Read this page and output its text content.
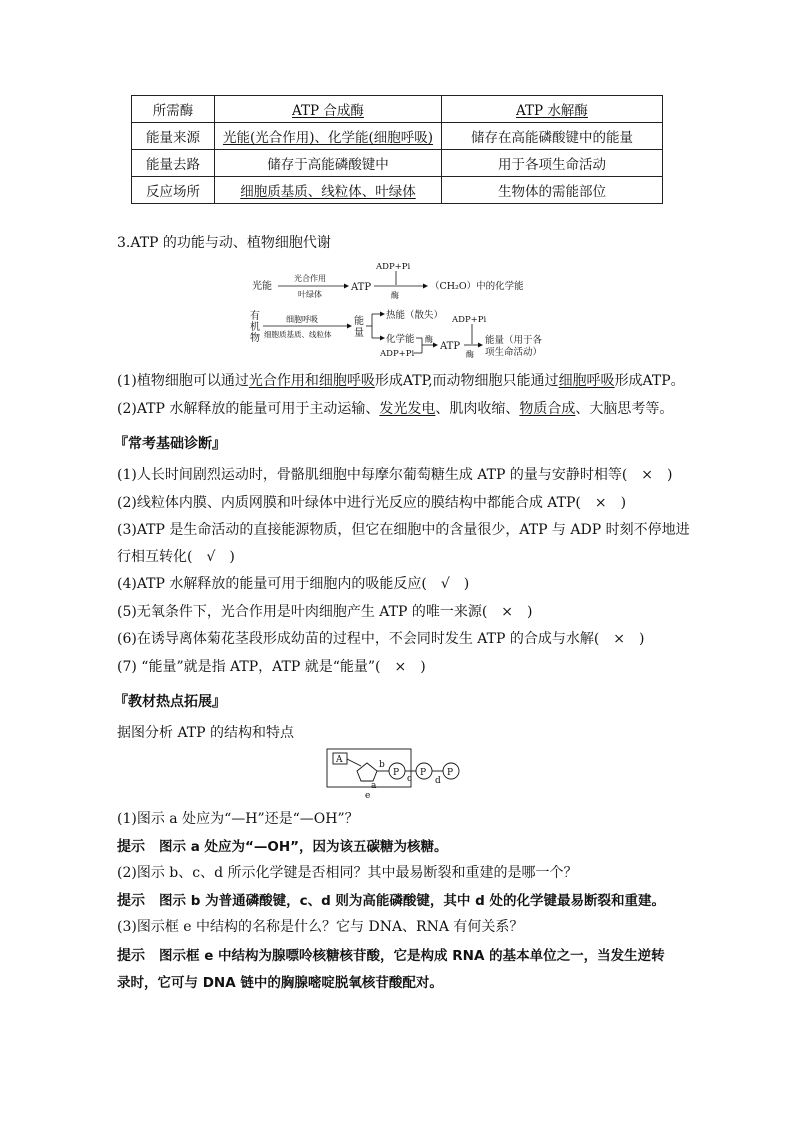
所需酶	ATP 合成酶	ATP 水解酶
能量来源	光能(光合作用)、化学能(细胞呼吸)	储存在高能磷酸键中的能量
能量去路	储存于高能磷酸键中	用于各项生命活动
反应场所	细胞质基质、线粒体、叶绿体	生物体的需能部位
3.ATP 的功能与动、植物细胞代谢
光能
光合作用
叶绿体
ATP
ADP+Pi
酶
（CH₂O）中的化学能
有
机
物
细胞呼吸
细胞质基质、线粒体
能
量
热能（散失）
化学能
ADP+Pi
酶
ATP
ADP+Pi
酶
能量（用于各
项生命活动）
(1)植物细胞可以通过光合作用和细胞呼吸形成ATP,而动物细胞只能通过细胞呼吸形成ATP。
(2)ATP 水解释放的能量可用于主动运输、发光发电、肌肉收缩、物质合成、大脑思考等。
『常考基础诊断』
(1)人长时间剧烈运动时，骨骼肌细胞中每摩尔葡萄糖生成 ATP 的量与安静时相等(　×　)
(2)线粒体内膜、内质网膜和叶绿体中进行光反应的膜结构中都能合成 ATP(　×　)
(3)ATP 是生命活动的直接能源物质，但它在细胞中的含量很少，ATP 与 ADP 时刻不停地进
行相互转化(　√　)
(4)ATP 水解释放的能量可用于细胞内的吸能反应(　√　)
(5)无氧条件下，光合作用是叶肉细胞产生 ATP 的唯一来源(　×　)
(6)在诱导离体菊花茎段形成幼苗的过程中，不会同时发生 ATP 的合成与水解(　×　)
(7) “能量”就是指 ATP，ATP 就是“能量”(　×　)
『教材热点拓展』
据图分析 ATP 的结构和特点
A
P P P
b
a
c	d
e
(1)图示 a 处应为“—H”还是“—OH”？
提示 图示 a 处应为“—OH”，因为该五碳糖为核糖。
(2)图示 b、c、d 所示化学键是否相同？其中最易断裂和重建的是哪一个？
提示 图示 b 为普通磷酸键，c、d 则为高能磷酸键，其中 d 处的化学键最易断裂和重建。
(3)图示框 e 中结构的名称是什么？它与 DNA、RNA 有何关系？
提示 图示框 e 中结构为腺嘌呤核糖核苷酸，它是构成 RNA 的基本单位之一，当发生逆转
录时，它可与 DNA 链中的胸腺嘧啶脱氧核苷酸配对。
